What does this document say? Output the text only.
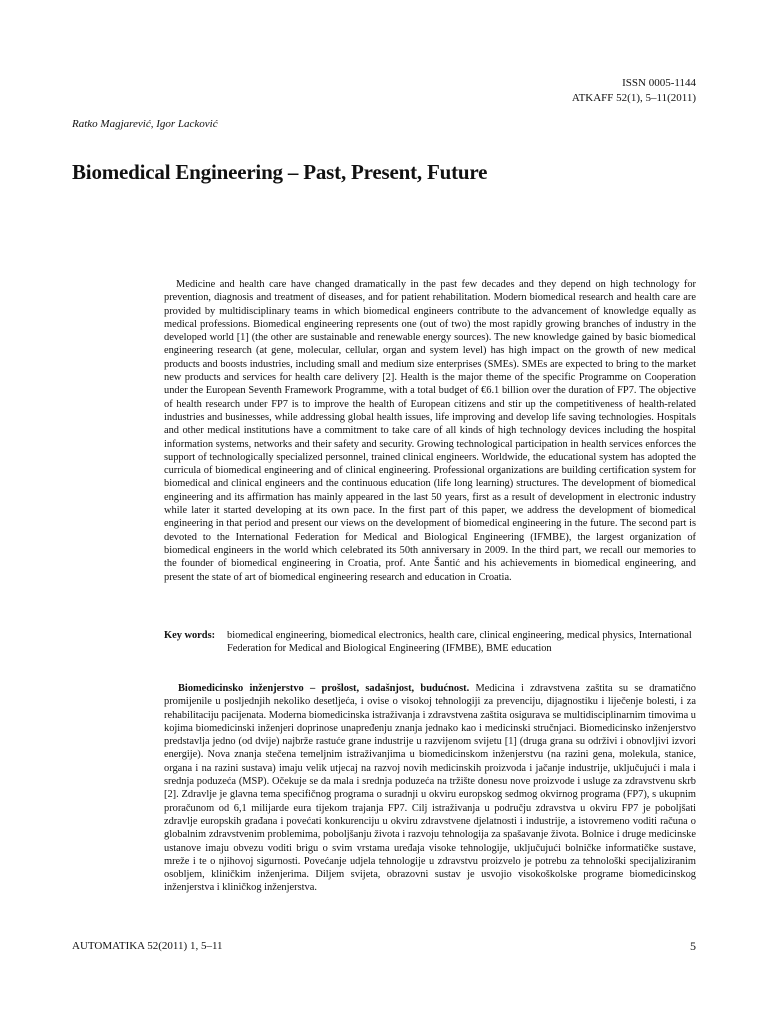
ISSN 0005-1144
ATKAFF 52(1), 5–11(2011)
Ratko Magjarević, Igor Lacković
Biomedical Engineering – Past, Present, Future

Medicine and health care have changed dramatically in the past few decades and they depend on high technology for prevention, diagnosis and treatment of diseases, and for patient rehabilitation. Modern biomedical research and health care are provided by multidisciplinary teams in which biomedical engineers contribute to the advancement of knowledge equally as medical professions. Biomedical engineering represents one (out of two) the most rapidly growing branches of industry in the developed world [1] (the other are sustainable and renewable energy sources). The new knowledge gained by basic biomedical engineering research (at gene, molecular, cellular, organ and system level) has high impact on the growth of new medical products and boosts industries, including small and medium size enterprises (SMEs). SMEs are expected to bring to the market new products and services for health care delivery [2]. Health is the major theme of the specific Programme on Cooperation under the European Seventh Framework Programme, with a total budget of €6.1 billion over the duration of FP7. The objective of health research under FP7 is to improve the health of European citizens and stir up the competitiveness of health-related industries and businesses, while addressing global health issues, life improving and develop life saving technologies. Hospitals and other medical institutions have a commitment to take care of all kinds of high technology devices including the hospital information systems, networks and their safety and security. Growing technological participation in health services enforces the support of technologically specialized personnel, trained clinical engineers. Worldwide, the educational system has adopted the curricula of biomedical engineering and of clinical engineering. Professional organizations are building certification system for biomedical and clinical engineers and the continuous education (life long learning) structures. The development of biomedical engineering and its affirmation has mainly appeared in the last 50 years, first as a result of development in electronic industry while later it started developing at its own pace. In the first part of this paper, we address the development of biomedical engineering in that period and present our views on the development of biomedical engineering in the future. The second part is devoted to the International Federation for Medical and Biological Engineering (IFMBE), the largest organization of biomedical engineers in the world which celebrated its 50th anniversary in 2009. In the third part, we recall our memories to the founder of biomedical engineering in Croatia, prof. Ante Šantić and his achievements in biomedical engineering, and present the state of art of biomedical engineering research and education in Croatia.

Key words:	biomedical engineering, biomedical electronics, health care, clinical engineering, medical physics, International Federation for Medical and Biological Engineering (IFMBE), BME education

Biomedicinsko inženjerstvo – prošlost, sadašnjost, budućnost. Medicina i zdravstvena zaštita su se dramatično promijenile u posljednjih nekoliko desetljeća, i ovise o visokoj tehnologiji za prevenciju, dijagnostiku i liječenje bolesti, i za rehabilitaciju pacijenata. Moderna biomedicinska istraživanja i zdravstvena zaštita osigurava se multidisciplinarnim timovima u kojima biomedicinski inženjeri doprinose unapređenju znanja jednako kao i medicinski stručnjaci. Biomedicinsko inženjerstvo predstavlja jedno (od dvije) najbrže rastuće grane industrije u razvijenom svijetu [1] (druga grana su održivi i obnovljivi izvori energije). Nova znanja stečena temeljnim istraživanjima u biomedicinskom inženjerstvu (na razini gena, molekula, stanice, organa i na razini sustava) imaju velik utjecaj na razvoj novih medicinskih proizvoda i jačanje industrije, uključujući i mala i srednja poduzeća (MSP). Očekuje se da mala i srednja poduzeća na tržište donesu nove proizvode i usluge za zdravstvenu skrb [2]. Zdravlje je glavna tema specifičnog programa o suradnji u okviru europskog sedmog okvirnog programa (FP7), s ukupnim proračunom od 6,1 milijarde eura tijekom trajanja FP7. Cilj istraživanja u području zdravstva u okviru FP7 je poboljšati zdravlje europskih građana i povećati konkurenciju u okviru zdravstvene djelatnosti i industrije, a istovremeno voditi računa o globalnim zdravstvenim problemima, poboljšanju života i razvoju tehnologija za spašavanje života. Bolnice i druge medicinske ustanove imaju obvezu voditi brigu o svim vrstama uređaja visoke tehnologije, uključujući bolničke informatičke sustave, mreže i te o njihovoj sigurnosti. Povećanje udjela tehnologije u zdravstvu proizvelo je potrebu za tehnološki specijaliziranim osobljem, kliničkim inženjerima. Diljem svijeta, obrazovni sustav je usvojio visokoškolske programe biomedicinskog inženjerstva i kliničkog inženjerstva.

AUTOMATIKA 52(2011) 1, 5–11	5
